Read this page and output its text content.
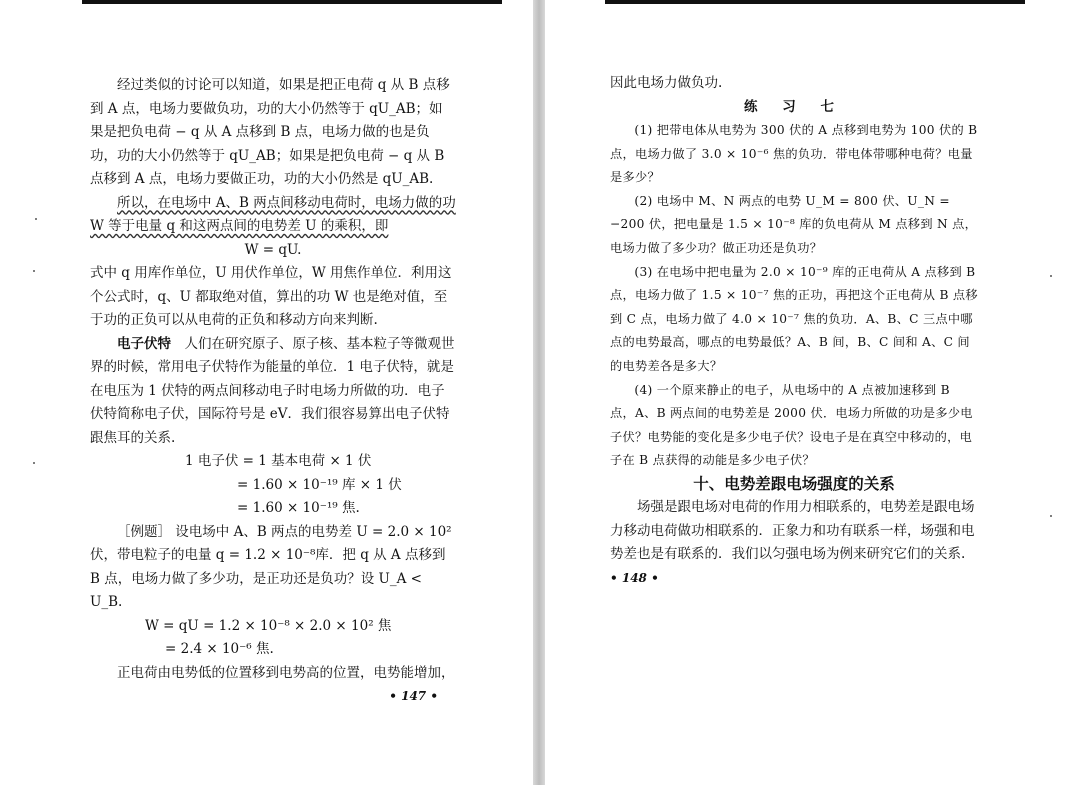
经过类似的讨论可以知道，如果是把正电荷 q 从 B 点移到 A 点，电场力要做负功，功的大小仍然等于 qU_AB；如果是把负电荷 − q 从 A 点移到 B 点，电场力做的也是负功，功的大小仍然等于 qU_AB；如果是把负电荷 − q 从 B 点移到 A 点，电场力要做正功，功的大小仍然是 qU_AB.

所以，在电场中 A、B 两点间移动电荷时，电场力做的功 W 等于电量 q 和这两点间的电势差 U 的乘积，即

W = qU.

式中 q 用库作单位，U 用伏作单位，W 用焦作单位．利用这个公式时，q、U 都取绝对值，算出的功 W 也是绝对值，至于功的正负可以从电荷的正负和移动方向来判断.

电子伏特　 人们在研究原子、原子核、基本粒子等微观世界的时候，常用电子伏特作为能量的单位．1 电子伏特，就是在电压为 1 伏特的两点间移动电子时电场力所做的功．电子伏特简称电子伏，国际符号是 eV．我们很容易算出电子伏特跟焦耳的关系.

1 电子伏 = 1 基本电荷 × 1 伏

= 1.60 × 10⁻¹⁹ 库 × 1 伏

= 1.60 × 10⁻¹⁹ 焦.

［例题］ 设电场中 A、B 两点的电势差 U = 2.0 × 10²伏，带电粒子的电量 q = 1.2 × 10⁻⁸库．把 q 从 A 点移到 B 点，电场力做了多少功，是正功还是负功？设 U_A < U_B.

W = qU = 1.2 × 10⁻⁸ × 2.0 × 10² 焦

= 2.4 × 10⁻⁶ 焦.

正电荷由电势低的位置移到电势高的位置，电势能增加，

• 147 •

因此电场力做负功.

练 习 七

(1) 把带电体从电势为 300 伏的 A 点移到电势为 100 伏的 B 点，电场力做了 3.0 × 10⁻⁶ 焦的负功．带电体带哪种电荷？电量是多少？

(2) 电场中 M、N 两点的电势 U_M = 800 伏、U_N = −200 伏，把电量是 1.5 × 10⁻⁸ 库的负电荷从 M 点移到 N 点，电场力做了多少功？做正功还是负功？

(3) 在电场中把电量为 2.0 × 10⁻⁹ 库的正电荷从 A 点移到 B 点，电场力做了 1.5 × 10⁻⁷ 焦的正功，再把这个正电荷从 B 点移到 C 点，电场力做了 4.0 × 10⁻⁷ 焦的负功．A、B、C 三点中哪点的电势最高，哪点的电势最低？A、B 间，B、C 间和 A、C 间的电势差各是多大？

(4) 一个原来静止的电子，从电场中的 A 点被加速移到 B 点，A、B 两点间的电势差是 2000 伏．电场力所做的功是多少电子伏？电势能的变化是多少电子伏？设电子是在真空中移动的，电子在 B 点获得的动能是多少电子伏？

十、电势差跟电场强度的关系

场强是跟电场对电荷的作用力相联系的，电势差是跟电场力移动电荷做功相联系的．正象力和功有联系一样，场强和电势差也是有联系的．我们以匀强电场为例来研究它们的关系.

• 148 •
